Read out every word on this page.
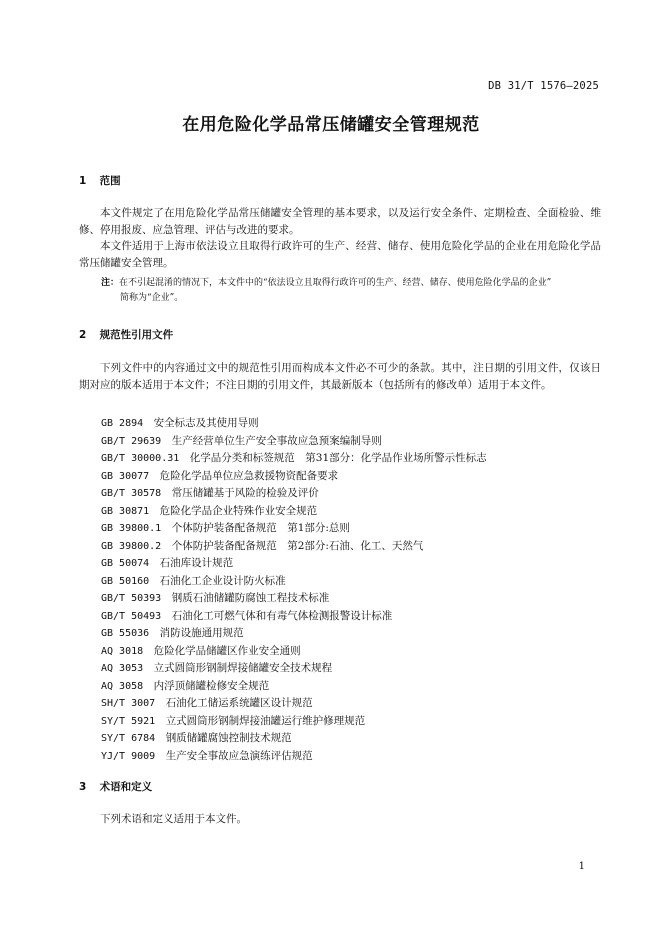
DB 31/T 1576—2025
在用危险化学品常压储罐安全管理规范
1 范围

本文件规定了在用危险化学品常压储罐安全管理的基本要求，以及运行安全条件、定期检查、全面检验、维修、停用报废、应急管理、评估与改进的要求。

本文件适用于上海市依法设立且取得行政许可的生产、经营、储存、使用危险化学品的企业在用危险化学品常压储罐安全管理。

注：在不引起混淆的情况下，本文件中的“依法设立且取得行政许可的生产、经营、储存、使用危险化学品的企业”
简称为“企业”。
2 规范性引用文件

下列文件中的内容通过文中的规范性引用而构成本文件必不可少的条款。其中，注日期的引用文件，仅该日期对应的版本适用于本文件；不注日期的引用文件，其最新版本（包括所有的修改单）适用于本文件。

GB 2894　 安全标志及其使用导则
GB/T 29639　 生产经营单位生产安全事故应急预案编制导则
GB/T 30000.31　 化学品分类和标签规范　第31部分：化学品作业场所警示性标志
GB 30077　 危险化学品单位应急救援物资配备要求
GB/T 30578　 常压储罐基于风险的检验及评价
GB 30871　 危险化学品企业特殊作业安全规范
GB 39800.1　 个体防护装备配备规范　第1部分:总则
GB 39800.2　 个体防护装备配备规范　第2部分:石油、化工、天然气
GB 50074　 石油库设计规范
GB 50160　 石油化工企业设计防火标准
GB/T 50393　 钢质石油储罐防腐蚀工程技术标准
GB/T 50493　 石油化工可燃气体和有毒气体检测报警设计标准
GB 55036　 消防设施通用规范
AQ 3018　 危险化学品储罐区作业安全通则
AQ 3053　 立式圆筒形钢制焊接储罐安全技术规程
AQ 3058　 内浮顶储罐检修安全规范
SH/T 3007　 石油化工储运系统罐区设计规范
SY/T 5921　 立式圆筒形钢制焊接油罐运行维护修理规范
SY/T 6784　 钢质储罐腐蚀控制技术规范
YJ/T 9009　 生产安全事故应急演练评估规范
3 术语和定义

下列术语和定义适用于本文件。

1
